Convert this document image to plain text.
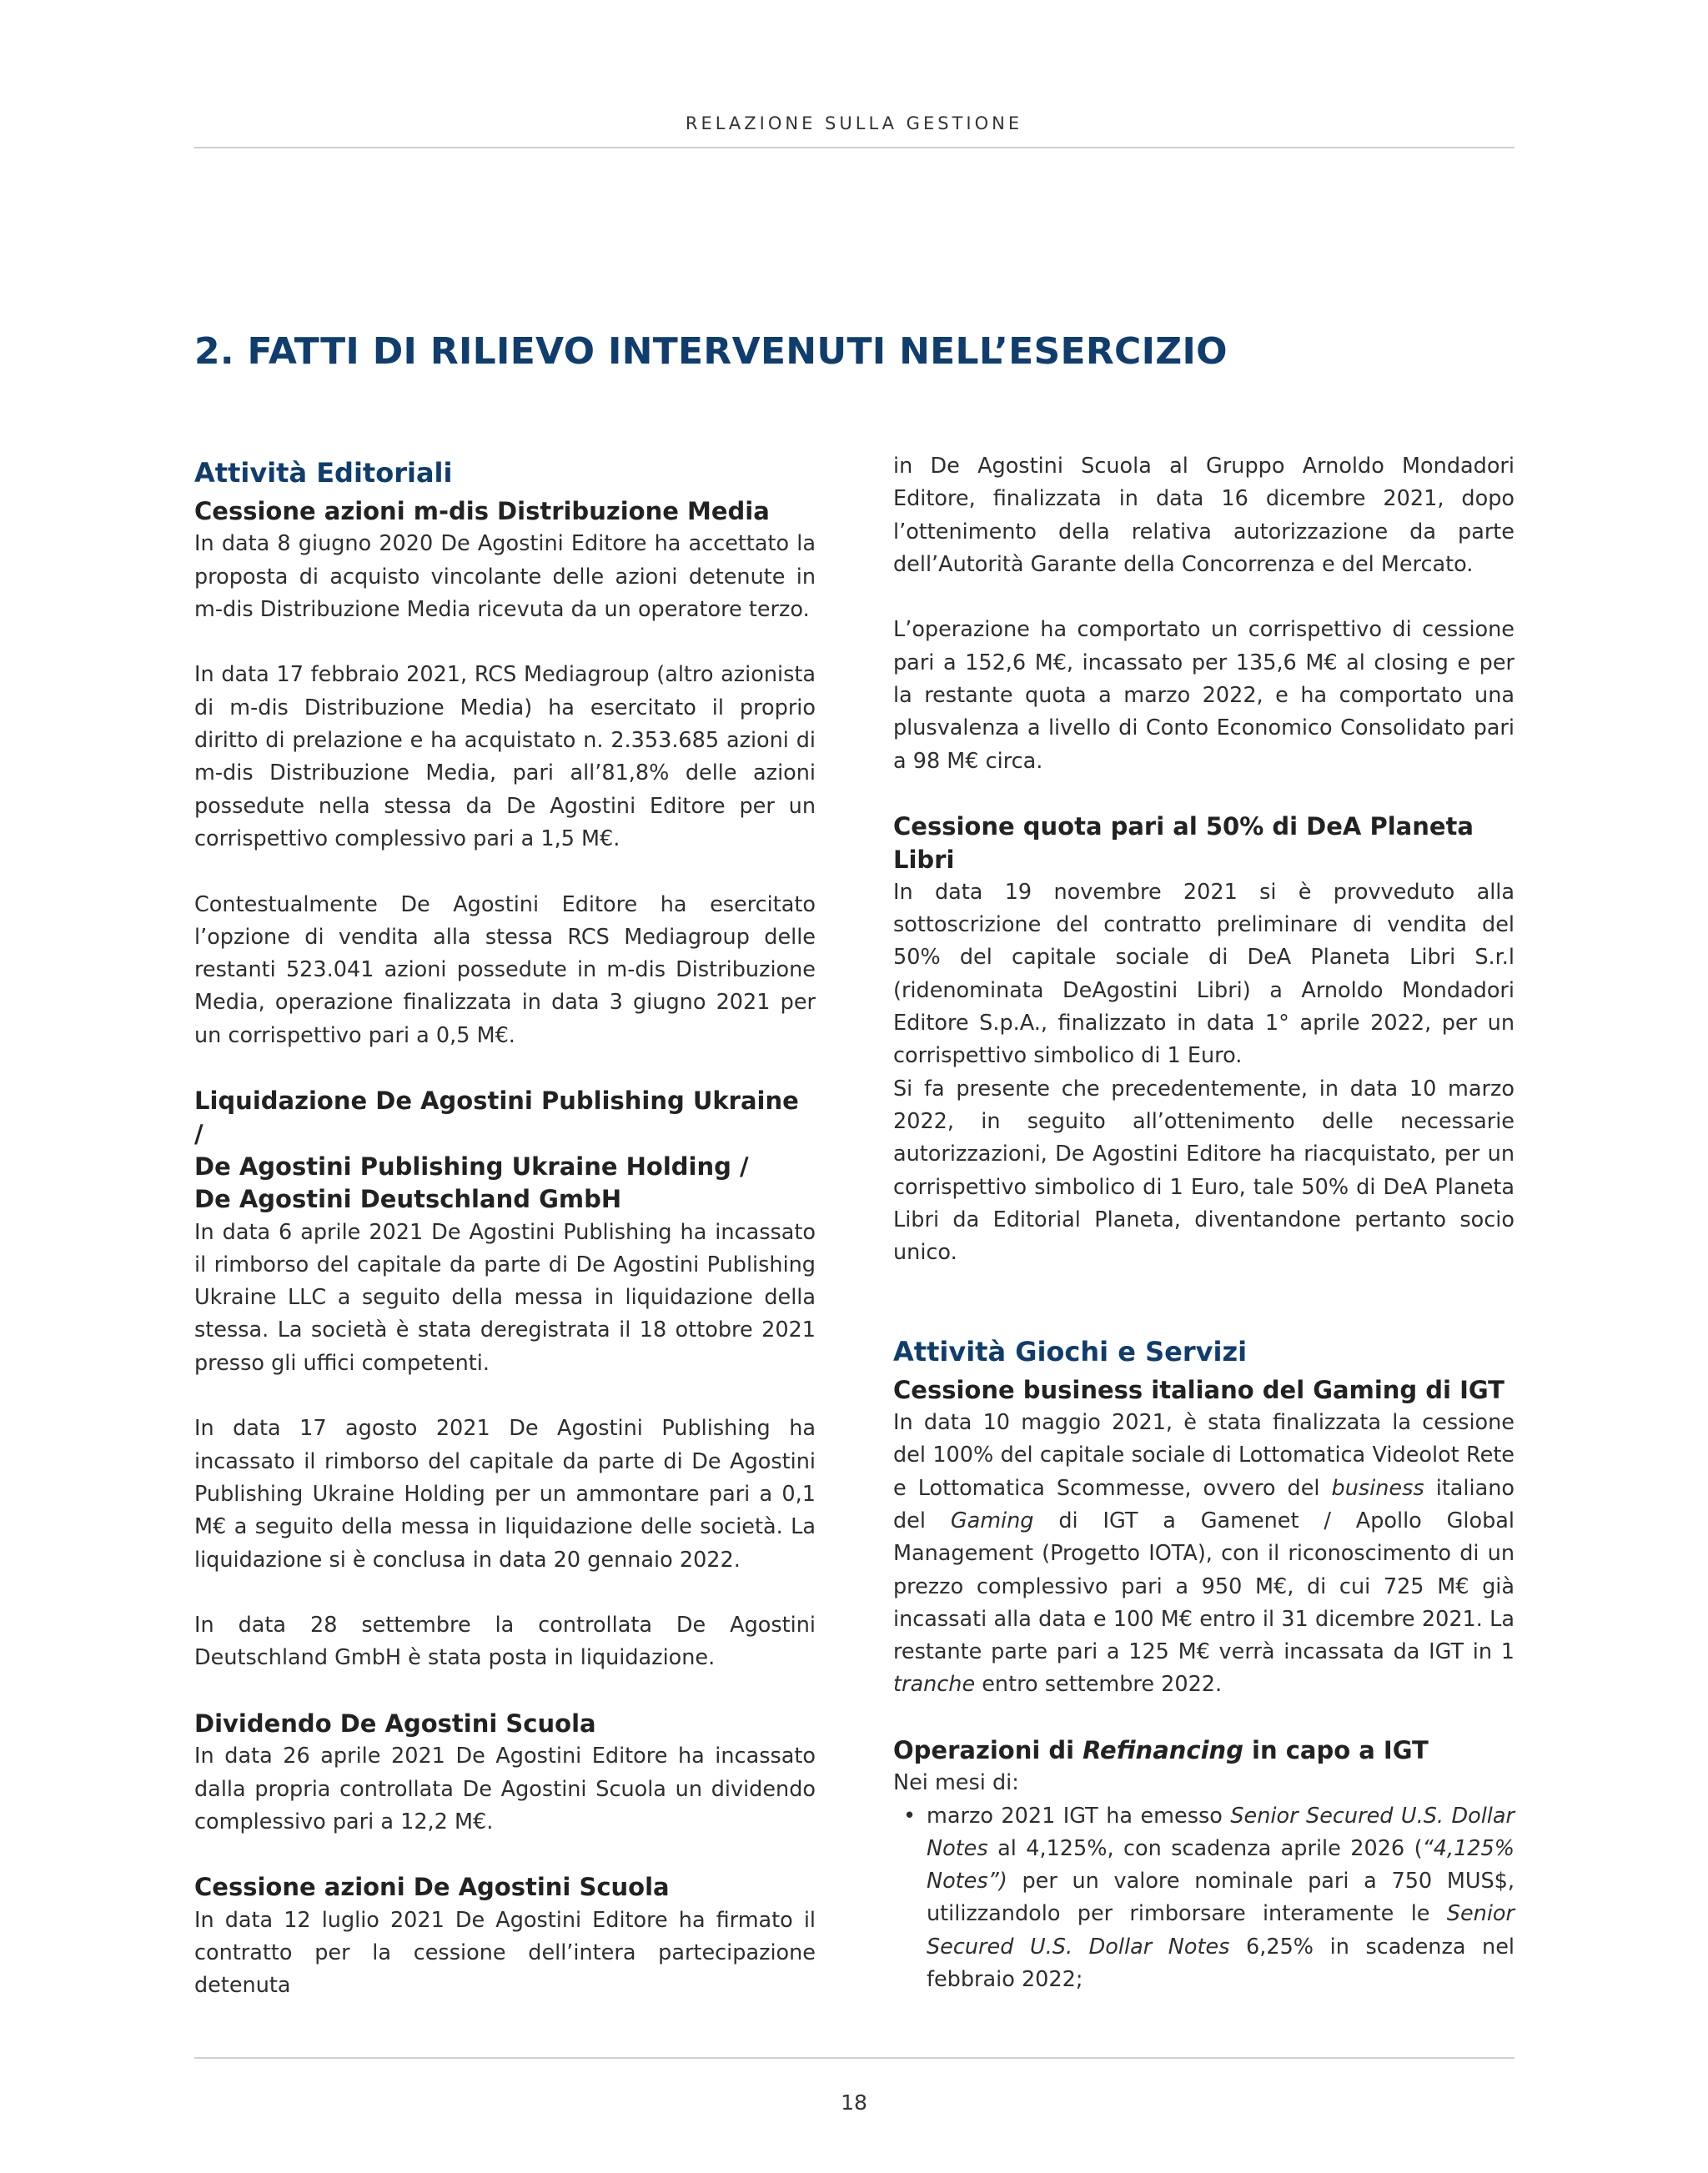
RELAZIONE SULLA GESTIONE
2. FATTI DI RILIEVO INTERVENUTI NELL’ESERCIZIO
Attività Editoriali
Cessione azioni m-dis Distribuzione Media

In data 8 giugno 2020 De Agostini Editore ha accettato la proposta di acquisto vincolante delle azioni detenute in m-dis Distribuzione Media ricevuta da un operatore terzo.

In data 17 febbraio 2021, RCS Mediagroup (altro azionista di m-dis Distribuzione Media) ha esercitato il proprio diritto di prelazione e ha acquistato n. 2.353.685 azioni di m-dis Distribuzione Media, pari all’81,8% delle azioni possedute nella stessa da De Agostini Editore per un corrispettivo complessivo pari a 1,5 M€.

Contestualmente De Agostini Editore ha esercitato l’opzione di vendita alla stessa RCS Mediagroup delle restanti 523.041 azioni possedute in m-dis Distribuzione Media, operazione finalizzata in data 3 giugno 2021 per un corrispettivo pari a 0,5 M€.

Liquidazione De Agostini Publishing Ukraine /
De Agostini Publishing Ukraine Holding /
De Agostini Deutschland GmbH

In data 6 aprile 2021 De Agostini Publishing ha incassato il rimborso del capitale da parte di De Agostini Publishing Ukraine LLC a seguito della messa in liquidazione della stessa. La società è stata deregistrata il 18 ottobre 2021 presso gli uffici competenti.

In data 17 agosto 2021 De Agostini Publishing ha incassato il rimborso del capitale da parte di De Agostini Publishing Ukraine Holding per un ammontare pari a 0,1 M€ a seguito della messa in liquidazione delle società. La liquidazione si è conclusa in data 20 gennaio 2022.

In data 28 settembre la controllata De Agostini Deutschland GmbH è stata posta in liquidazione.

Dividendo De Agostini Scuola

In data 26 aprile 2021 De Agostini Editore ha incassato dalla propria controllata De Agostini Scuola un dividendo complessivo pari a 12,2 M€.

Cessione azioni De Agostini Scuola

In data 12 luglio 2021 De Agostini Editore ha firmato il contratto per la cessione dell’intera partecipazione detenuta

in De Agostini Scuola al Gruppo Arnoldo Mondadori Editore, finalizzata in data 16 dicembre 2021, dopo l’ottenimento della relativa autorizzazione da parte dell’Autorità Garante della Concorrenza e del Mercato.

L’operazione ha comportato un corrispettivo di cessione pari a 152,6 M€, incassato per 135,6 M€ al closing e per la restante quota a marzo 2022, e ha comportato una plusvalenza a livello di Conto Economico Consolidato pari a 98 M€ circa.

Cessione quota pari al 50% di DeA Planeta Libri

In data 19 novembre 2021 si è provveduto alla sottoscrizione del contratto preliminare di vendita del 50% del capitale sociale di DeA Planeta Libri S.r.l (ridenominata DeAgostini Libri) a Arnoldo Mondadori Editore S.p.A., finalizzato in data 1° aprile 2022, per un corrispettivo simbolico di 1 Euro.

Si fa presente che precedentemente, in data 10 marzo 2022, in seguito all’ottenimento delle necessarie autorizzazioni, De Agostini Editore ha riacquistato, per un corrispettivo simbolico di 1 Euro, tale 50% di DeA Planeta Libri da Editorial Planeta, diventandone pertanto socio unico.

Attività Giochi e Servizi
Cessione business italiano del Gaming di IGT

In data 10 maggio 2021, è stata finalizzata la cessione del 100% del capitale sociale di Lottomatica Videolot Rete e Lottomatica Scommesse, ovvero del business italiano del Gaming di IGT a Gamenet / Apollo Global Management (Progetto IOTA), con il riconoscimento di un prezzo complessivo pari a 950 M€, di cui 725 M€ già incassati alla data e 100 M€ entro il 31 dicembre 2021. La restante parte pari a 125 M€ verrà incassata da IGT in 1 tranche entro settembre 2022.

Operazioni di Refinancing in capo a IGT

Nei mesi di:

• marzo 2021 IGT ha emesso Senior Secured U.S. Dollar Notes al 4,125%, con scadenza aprile 2026 (“4,125% Notes”) per un valore nominale pari a 750 MUS$, utilizzandolo per rimborsare interamente le Senior Secured U.S. Dollar Notes 6,25% in scadenza nel febbraio 2022;
18
